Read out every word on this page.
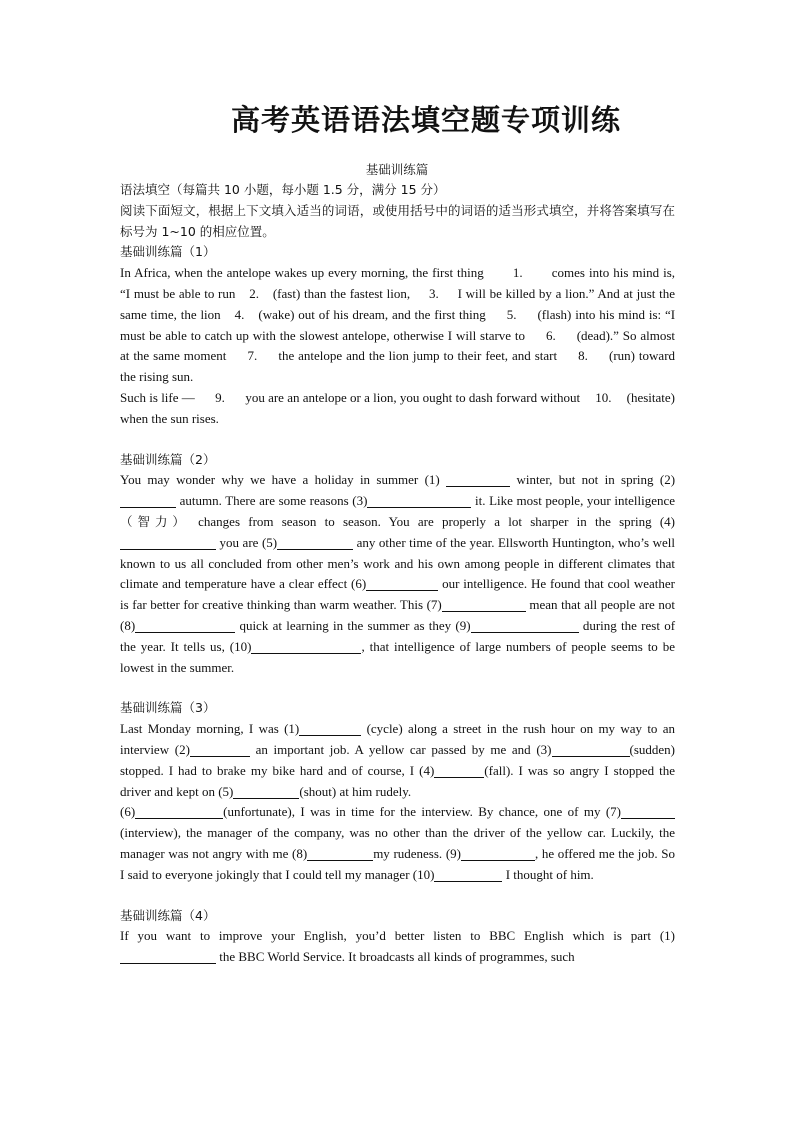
高考英语语法填空题专项训练
基础训练篇

语法填空（每篇共 10 小题，每小题 1.5 分，满分 15 分）

阅读下面短文，根据上下文填入适当的词语，或使用括号中的词语的适当形式填空，并将答案填写在标号为 1~10 的相应位置。

基础训练篇（1）

In Africa, when the antelope wakes up every morning, the first thing 1. comes into his mind is, “I must be able to run 2. (fast) than the fastest lion, 3. I will be killed by a lion.” And at just the same time, the lion 4. (wake) out of his dream, and the first thing 5. (flash) into his mind is: “I must be able to catch up with the slowest antelope, otherwise I will starve to 6. (dead).” So almost at the same moment 7. the antelope and the lion jump to their feet, and start 8. (run) toward the rising sun.

Such is life — 9. you are an antelope or a lion, you ought to dash forward without 10. (hesitate) when the sun rises.

基础训练篇（2）

You may wonder why we have a holiday in summer (1)	winter, but not in spring (2) autumn. There are some reasons (3)	it. Like most people, your intelligence（智力） changes from season to season. You are properly a lot sharper in the spring (4) you are (5)	any other time of the year. Ellsworth Huntington, who’s well known to us all concluded from other men’s work and his own among people in different climates that climate and temperature have a clear effect (6)	our intelligence. He found that cool weather is far better for creative thinking than warm weather. This (7)	mean that all people are not (8)	quick at learning in the summer as they (9)	during the rest of the year. It tells us, (10)	, that intelligence of large numbers of people seems to be lowest in the summer.

基础训练篇（3）

Last Monday morning, I was (1)	(cycle) along a street in the rush hour on my way to an interview (2)	an important job. A yellow car passed by me and (3)	(sudden) stopped. I had to brake my bike hard and of course, I (4)	(fall). I was so angry I stopped the driver and kept on (5)	(shout) at him rudely.

(6)	(unfortunate), I was in time for the interview. By chance, one of my (7)(interview), the manager of the company, was no other than the driver of the yellow car. Luckily, the manager was not angry with me (8)	my rudeness. (9)	, he offered me the job. So I said to everyone jokingly that I could tell my manager (10)	I thought of him.

基础训练篇（4）

If you want to improve your English, you’d better listen to BBC English which is part (1) the BBC World Service. It broadcasts all kinds of programmes, such
